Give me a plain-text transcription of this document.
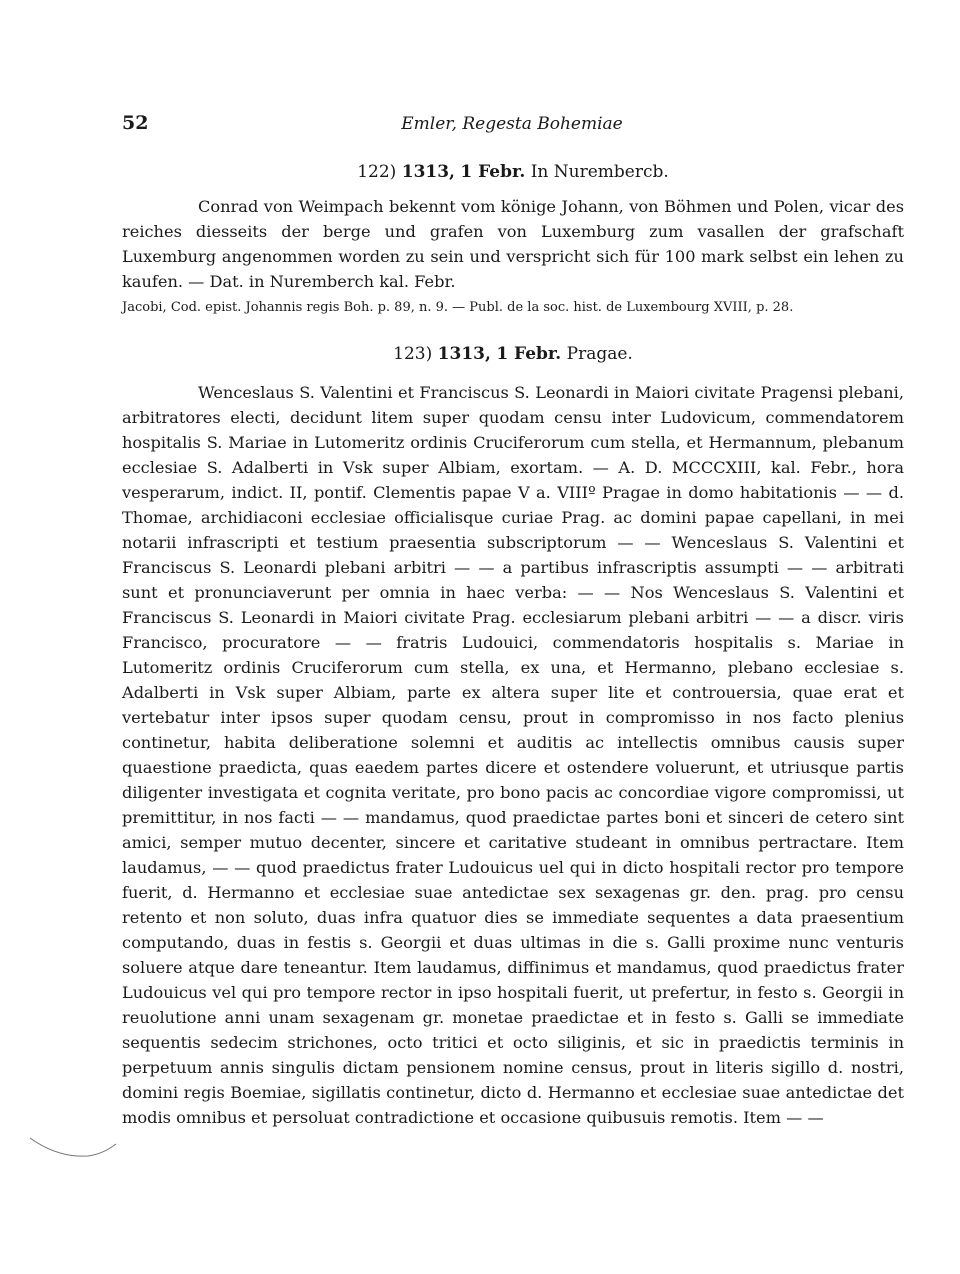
Emler, Regesta Bohemiae
52

122) 1313, 1 Febr. In Nurembercb.

Conrad von Weimpach bekennt vom könige Johann, von Böhmen und Polen, vicar des reiches diesseits der berge und grafen von Luxemburg zum vasallen der grafschaft Luxemburg angenommen worden zu sein und verspricht sich für 100 mark selbst ein lehen zu kaufen. — Dat. in Nuremberch kal. Febr.

Jacobi, Cod. epist. Johannis regis Boh. p. 89, n. 9. — Publ. de la soc. hist. de Luxembourg XVIII, p. 28.

123) 1313, 1 Febr. Pragae.

Wenceslaus S. Valentini et Franciscus S. Leonardi in Maiori civitate Pragensi plebani, arbitratores electi, decidunt litem super quodam censu inter Ludovicum, commendatorem hospitalis S. Mariae in Lutomeritz ordinis Cruciferorum cum stella, et Hermannum, plebanum ecclesiae S. Adalberti in Vsk super Albiam, exortam. — A. D. MCCCXIII, kal. Febr., hora vesperarum, indict. II, pontif. Clementis papae V a. VIIIº Pragae in domo habitationis — — d. Thomae, archidiaconi ecclesiae officialisque curiae Prag. ac domini papae capellani, in mei notarii infrascripti et testium praesentia subscriptorum — — Wenceslaus S. Valentini et Franciscus S. Leonardi plebani arbitri — — a partibus infrascriptis assumpti — — arbitrati sunt et pronunciaverunt per omnia in haec verba: — — Nos Wenceslaus S. Valentini et Franciscus S. Leonardi in Maiori civitate Prag. ecclesiarum plebani arbitri — — a discr. viris Francisco, procuratore — — fratris Ludouici, commendatoris hospitalis s. Mariae in Lutomeritz ordinis Cruciferorum cum stella, ex una, et Hermanno, plebano ecclesiae s. Adalberti in Vsk super Albiam, parte ex altera super lite et controuersia, quae erat et vertebatur inter ipsos super quodam censu, prout in compromisso in nos facto plenius continetur, habita deliberatione solemni et auditis ac intellectis omnibus causis super quaestione praedicta, quas eaedem partes dicere et ostendere voluerunt, et utriusque partis diligenter investigata et cognita veritate, pro bono pacis ac concordiae vigore compromissi, ut premittitur, in nos facti — — mandamus, quod praedictae partes boni et sinceri de cetero sint amici, semper mutuo decenter, sincere et caritative studeant in omnibus pertractare. Item laudamus, — — quod praedictus frater Ludouicus uel qui in dicto hospitali rector pro tempore fuerit, d. Hermanno et ecclesiae suae antedictae sex sexagenas gr. den. prag. pro censu retento et non soluto, duas infra quatuor dies se immediate sequentes a data praesentium computando, duas in festis s. Georgii et duas ultimas in die s. Galli proxime nunc venturis soluere atque dare teneantur. Item laudamus, diffinimus et mandamus, quod praedictus frater Ludouicus vel qui pro tempore rector in ipso hospitali fuerit, ut prefertur, in festo s. Georgii in reuolutione anni unam sexagenam gr. monetae praedictae et in festo s. Galli se immediate sequentis sedecim strichones, octo tritici et octo siliginis, et sic in praedictis terminis in perpetuum annis singulis dictam pensionem nomine census, prout in literis sigillo d. nostri, domini regis Boemiae, sigillatis continetur, dicto d. Hermanno et ecclesiae suae antedictae det modis omnibus et persoluat contradictione et occasione quibusuis remotis. Item — —
